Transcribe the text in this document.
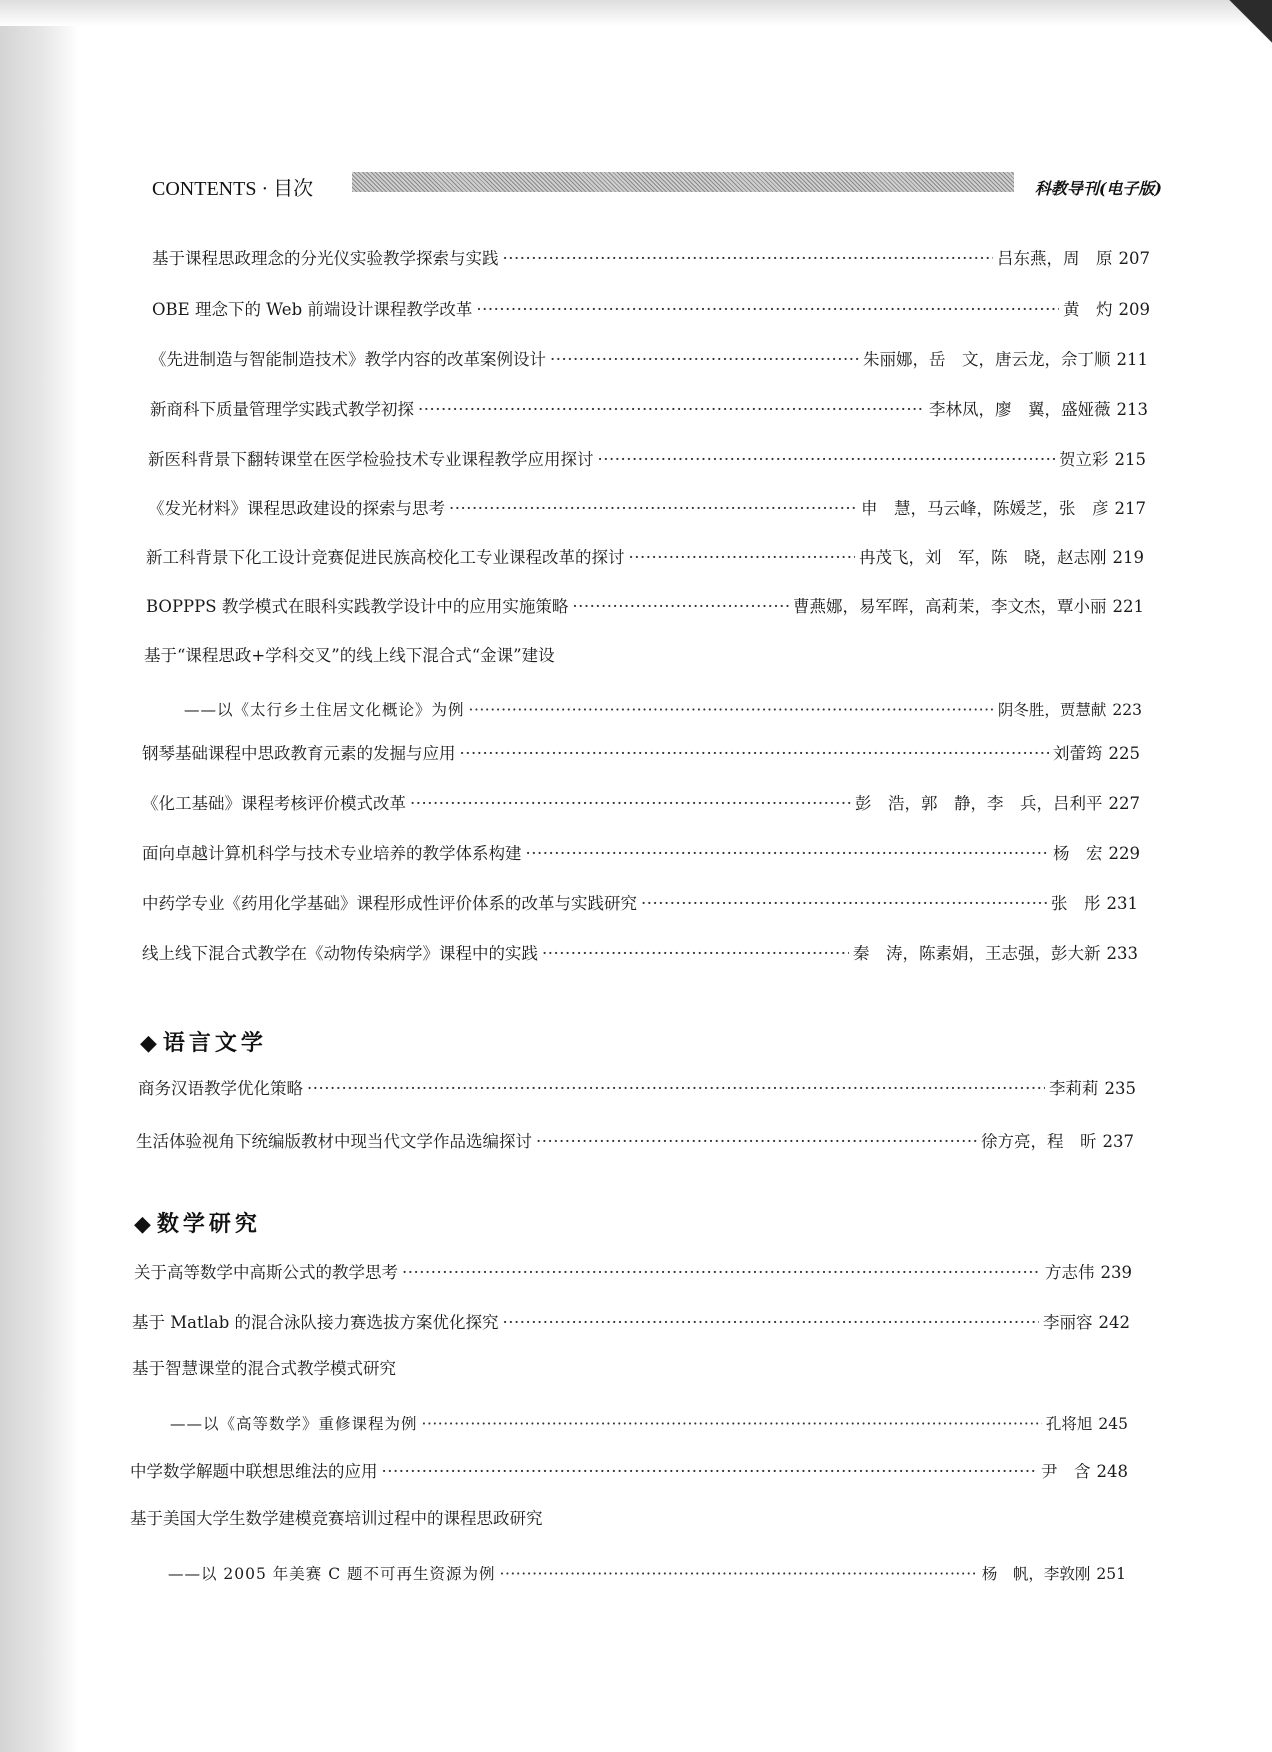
CONTENTS · 目次	科教导刊(电子版)
基于课程思政理念的分光仪实验教学探索与实践 ·····	吕东燕，周　原 207
OBE 理念下的 Web 前端设计课程教学改革 ·····	黄　灼 209
《先进制造与智能制造技术》教学内容的改革案例设计 ·····	朱丽娜，岳　文，唐云龙，佘丁顺 211
新商科下质量管理学实践式教学初探 ·····	李林凤，廖　翼，盛娅薇 213
新医科背景下翻转课堂在医学检验技术专业课程教学应用探讨 ·····	贺立彩 215
《发光材料》课程思政建设的探索与思考 ·····	申　慧，马云峰，陈媛芝，张　彦 217
新工科背景下化工设计竞赛促进民族高校化工专业课程改革的探讨 ·····	冉茂飞，刘　军，陈　晓，赵志刚 219
BOPPPS 教学模式在眼科实践教学设计中的应用实施策略 ·····	曹燕娜，易军晖，高莉茉，李文杰，覃小丽 221
基于“课程思政+学科交叉”的线上线下混合式“金课”建设
——以《太行乡土住居文化概论》为例 ·····	阴冬胜，贾慧献 223
钢琴基础课程中思政教育元素的发掘与应用 ·····	刘蕾筠 225
《化工基础》课程考核评价模式改革 ·····	彭　浩，郭　静，李　兵，吕利平 227
面向卓越计算机科学与技术专业培养的教学体系构建 ·····	杨　宏 229
中药学专业《药用化学基础》课程形成性评价体系的改革与实践研究 ·····	张　彤 231
线上线下混合式教学在《动物传染病学》课程中的实践 ·····	秦　涛，陈素娟，王志强，彭大新 233
◆ 语言文学
商务汉语教学优化策略 ·····	李莉莉 235
生活体验视角下统编版教材中现当代文学作品选编探讨 ·····	徐方亮，程　昕 237
◆ 数学研究
关于高等数学中高斯公式的教学思考 ·····	方志伟 239
基于 Matlab 的混合泳队接力赛选拔方案优化探究 ·····	李丽容 242
基于智慧课堂的混合式教学模式研究
——以《高等数学》重修课程为例 ·····	孔将旭 245
中学数学解题中联想思维法的应用 ·····	尹　含 248
基于美国大学生数学建模竞赛培训过程中的课程思政研究
——以 2005 年美赛 C 题不可再生资源为例 ·····	杨　帆，李敦刚 251
